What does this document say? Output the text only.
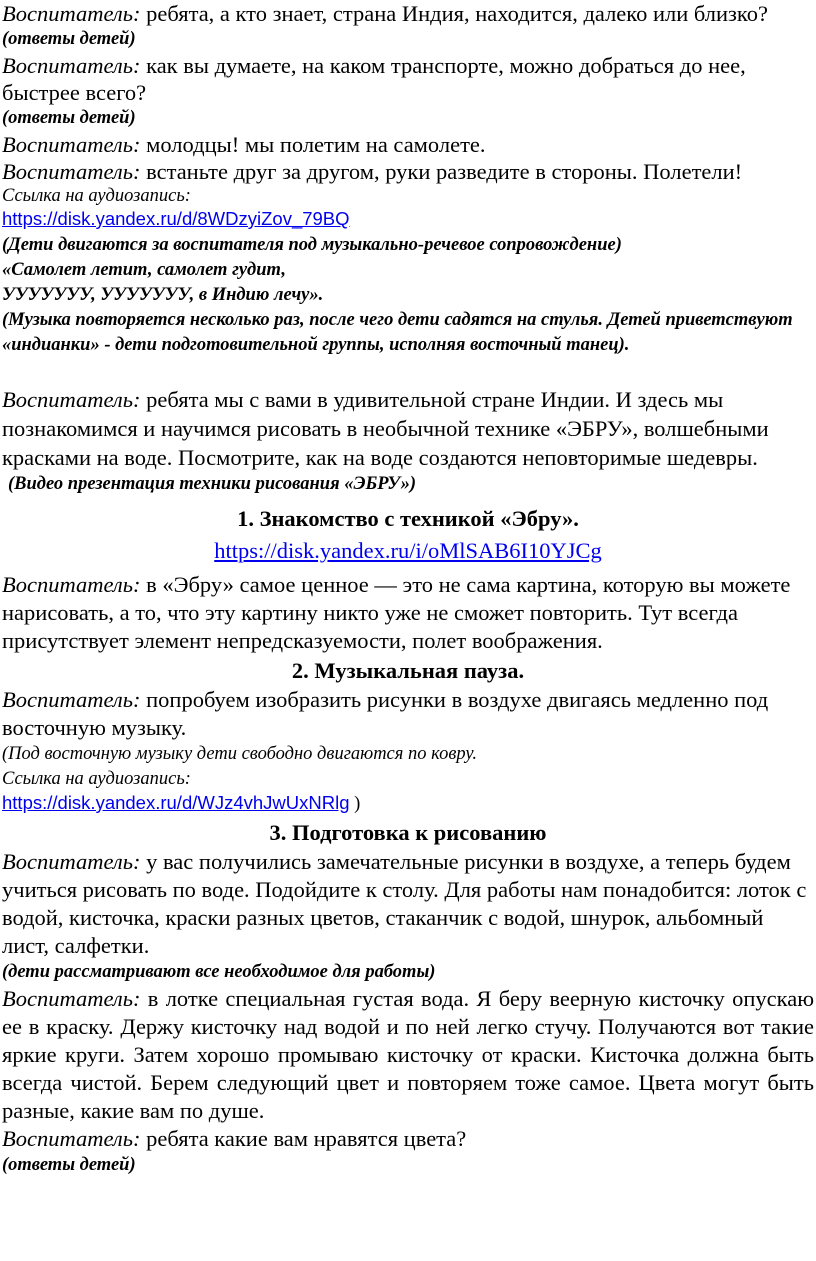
Воспитатель: ребята, а кто знает, страна Индия, находится, далеко или близко?

(ответы детей)

Воспитатель: как вы думаете, на каком транспорте, можно добраться до нее, быстрее всего?

(ответы детей)

Воспитатель: молодцы! мы полетим на самолете.

Воспитатель: встаньте друг за другом, руки разведите в стороны. Полетели!

Ссылка на аудиозапись:

https://disk.yandex.ru/d/8WDzyiZov_79BQ

(Дети двигаются за воспитателя под музыкально-речевое сопровождение)

«Самолет летит, самолет гудит,

УУУУУУУ, УУУУУУУ, в Индию лечу».

(Музыка повторяется несколько раз, после чего дети садятся на стулья. Детей приветствуют «индианки» - дети подготовительной группы, исполняя восточный танец).

Воспитатель: ребята мы с вами в удивительной стране Индии. И здесь мы познакомимся и научимся рисовать в необычной технике «ЭБРУ», волшебными красками на воде. Посмотрите, как на воде создаются неповторимые шедевры.

(Видео презентация техники рисования «ЭБРУ»)

1. Знакомство с техникой «Эбру».

https://disk.yandex.ru/i/oMlSAB6I10YJCg

Воспитатель: в «Эбру» самое ценное — это не сама картина, которую вы можете нарисовать, а то, что эту картину никто уже не сможет повторить. Тут всегда присутствует элемент непредсказуемости, полет воображения.

2. Музыкальная пауза.

Воспитатель: попробуем изобразить рисунки в воздухе двигаясь медленно под восточную музыку.

(Под восточную музыку дети свободно двигаются по ковру.

Ссылка на аудиозапись:

https://disk.yandex.ru/d/WJz4vhJwUxNRlg )

3. Подготовка к рисованию

Воспитатель: у вас получились замечательные рисунки в воздухе, а теперь будем учиться рисовать по воде. Подойдите к столу. Для работы нам понадобится: лоток с водой, кисточка, краски разных цветов, стаканчик с водой, шнурок, альбомный лист, салфетки.

(дети рассматривают все необходимое для работы)

Воспитатель: в лотке специальная густая вода. Я беру веерную кисточку опускаю ее в краску. Держу кисточку над водой и по ней легко стучу. Получаются вот такие яркие круги. Затем хорошо промываю кисточку от краски. Кисточка должна быть всегда чистой. Берем следующий цвет и повторяем тоже самое. Цвета могут быть разные, какие вам по душе.

Воспитатель: ребята какие вам нравятся цвета?

(ответы детей)
